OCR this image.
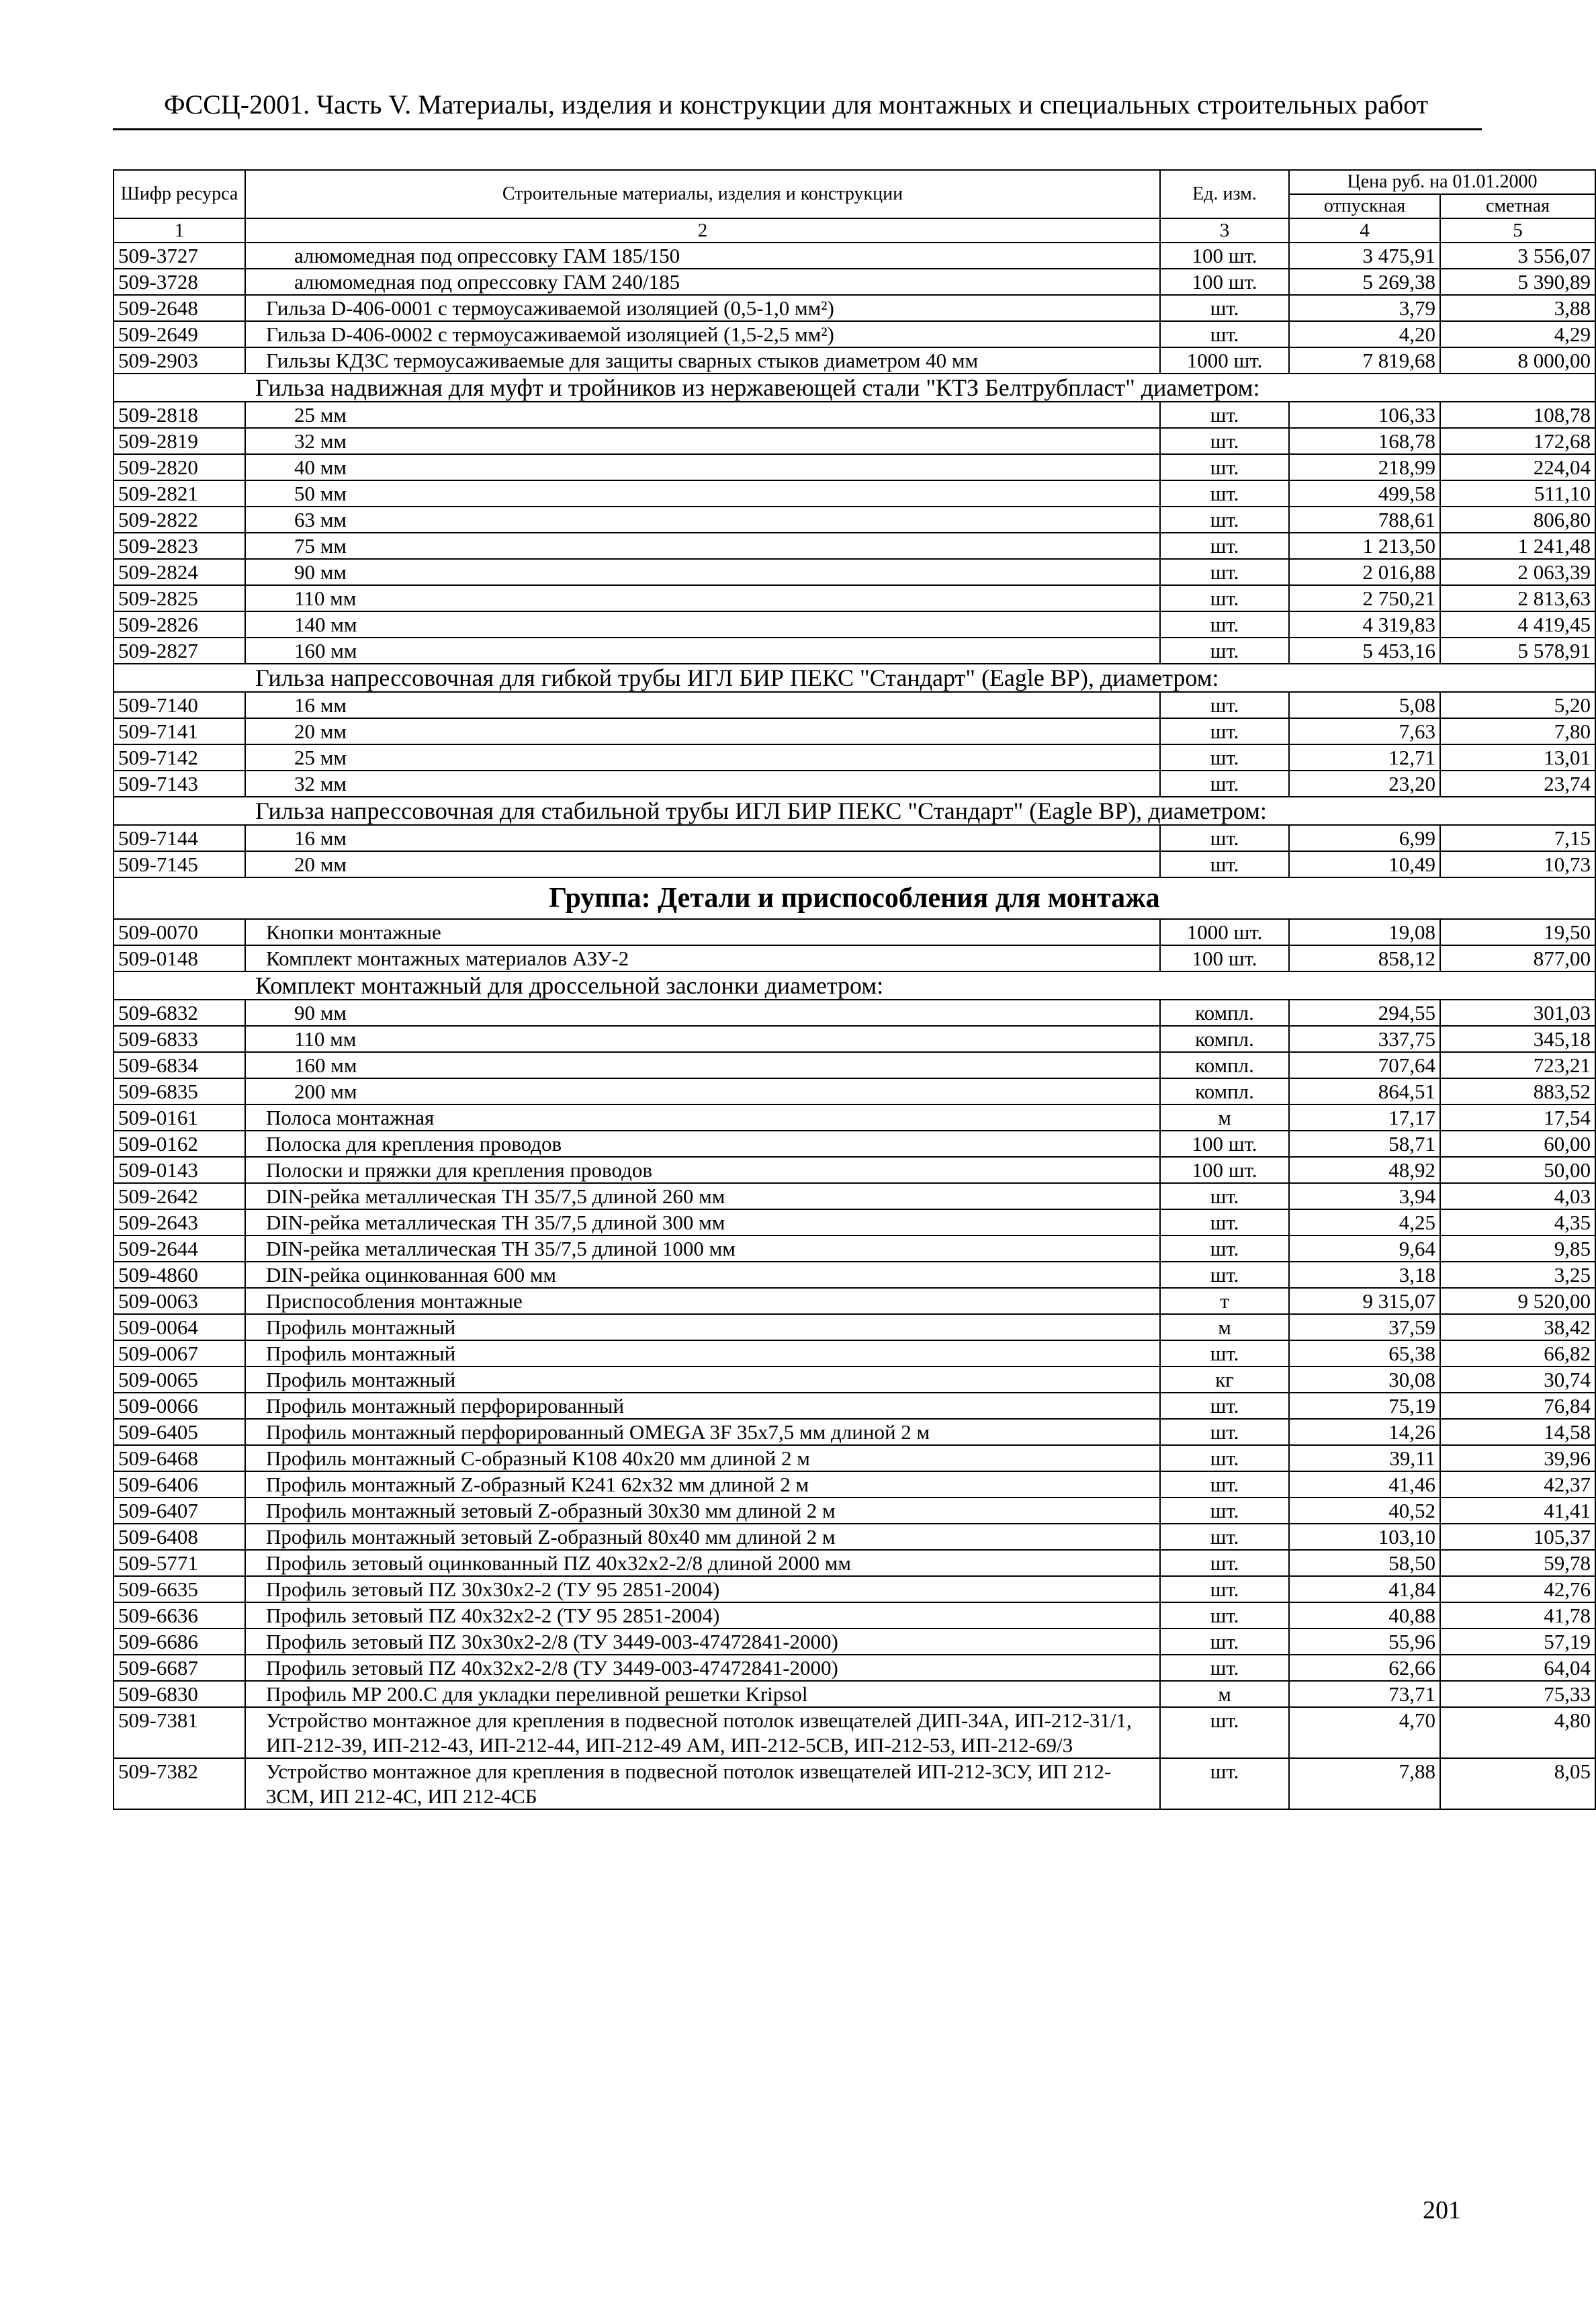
ФССЦ-2001. Часть V. Материалы, изделия и конструкции для монтажных и специальных строительных работ
Шифр ресурса	Строительные материалы, изделия и конструкции	Ед. изм.	Цена руб. на 01.01.2000	
			отпускная	сметная
1	2	3	4	5
509-3727	алюмомедная под опрессовку ГАМ 185/150	100 шт.	3 475,91	3 556,07
509-3728	алюмомедная под опрессовку ГАМ 240/185	100 шт.	5 269,38	5 390,89
509-2648	Гильза D-406-0001 с термоусаживаемой изоляцией (0,5-1,0 мм²)	шт.	3,79	3,88
509-2649	Гильза D-406-0002 с термоусаживаемой изоляцией (1,5-2,5 мм²)	шт.	4,20	4,29
509-2903	Гильзы КДЗС термоусаживаемые для защиты сварных стыков диаметром 40 мм	1000 шт.	7 819,68	8 000,00
Гильза надвижная для муфт и тройников из нержавеющей стали "КТЗ Белтрубпласт" диаметром:				
509-2818	25 мм	шт.	106,33	108,78
509-2819	32 мм	шт.	168,78	172,68
509-2820	40 мм	шт.	218,99	224,04
509-2821	50 мм	шт.	499,58	511,10
509-2822	63 мм	шт.	788,61	806,80
509-2823	75 мм	шт.	1 213,50	1 241,48
509-2824	90 мм	шт.	2 016,88	2 063,39
509-2825	110 мм	шт.	2 750,21	2 813,63
509-2826	140 мм	шт.	4 319,83	4 419,45
509-2827	160 мм	шт.	5 453,16	5 578,91
Гильза напрессовочная для гибкой трубы ИГЛ БИР ПЕКС "Стандарт" (Eagle BP), диаметром:				
509-7140	16 мм	шт.	5,08	5,20
509-7141	20 мм	шт.	7,63	7,80
509-7142	25 мм	шт.	12,71	13,01
509-7143	32 мм	шт.	23,20	23,74
Гильза напрессовочная для стабильной трубы ИГЛ БИР ПЕКС "Стандарт" (Eagle BP), диаметром:				
509-7144	16 мм	шт.	6,99	7,15
509-7145	20 мм	шт.	10,49	10,73
Группа: Детали и приспособления для монтажа				
509-0070	Кнопки монтажные	1000 шт.	19,08	19,50
509-0148	Комплект монтажных материалов АЗУ-2	100 шт.	858,12	877,00
Комплект монтажный для дроссельной заслонки диаметром:				
509-6832	90 мм	компл.	294,55	301,03
509-6833	110 мм	компл.	337,75	345,18
509-6834	160 мм	компл.	707,64	723,21
509-6835	200 мм	компл.	864,51	883,52
509-0161	Полоса монтажная	м	17,17	17,54
509-0162	Полоска для крепления проводов	100 шт.	58,71	60,00
509-0143	Полоски и пряжки для крепления проводов	100 шт.	48,92	50,00
509-2642	DIN-рейка металлическая ТН 35/7,5 длиной 260 мм	шт.	3,94	4,03
509-2643	DIN-рейка металлическая ТН 35/7,5 длиной 300 мм	шт.	4,25	4,35
509-2644	DIN-рейка металлическая ТН 35/7,5 длиной 1000 мм	шт.	9,64	9,85
509-4860	DIN-рейка оцинкованная 600 мм	шт.	3,18	3,25
509-0063	Приспособления монтажные	т	9 315,07	9 520,00
509-0064	Профиль монтажный	м	37,59	38,42
509-0067	Профиль монтажный	шт.	65,38	66,82
509-0065	Профиль монтажный	кг	30,08	30,74
509-0066	Профиль монтажный перфорированный	шт.	75,19	76,84
509-6405	Профиль монтажный перфорированный OMEGA 3F 35х7,5 мм длиной 2 м	шт.	14,26	14,58
509-6468	Профиль монтажный С-образный К108 40х20 мм длиной 2 м	шт.	39,11	39,96
509-6406	Профиль монтажный Z-образный К241 62х32 мм длиной 2 м	шт.	41,46	42,37
509-6407	Профиль монтажный зетовый Z-образный 30х30 мм длиной 2 м	шт.	40,52	41,41
509-6408	Профиль монтажный зетовый Z-образный 80х40 мм длиной 2 м	шт.	103,10	105,37
509-5771	Профиль зетовый оцинкованный ПZ 40х32х2-2/8 длиной 2000 мм	шт.	58,50	59,78
509-6635	Профиль зетовый ПZ 30х30х2-2 (ТУ 95 2851-2004)	шт.	41,84	42,76
509-6636	Профиль зетовый ПZ 40х32х2-2 (ТУ 95 2851-2004)	шт.	40,88	41,78
509-6686	Профиль зетовый ПZ 30х30х2-2/8 (ТУ 3449-003-47472841-2000)	шт.	55,96	57,19
509-6687	Профиль зетовый ПZ 40х32х2-2/8 (ТУ 3449-003-47472841-2000)	шт.	62,66	64,04
509-6830	Профиль МР 200.С для укладки переливной решетки Kripsol	м	73,71	75,33
509-7381	Устройство монтажное для крепления в подвесной потолок извещателей ДИП-34А, ИП-212-31/1, ИП-212-39, ИП-212-43, ИП-212-44, ИП-212-49 АМ, ИП-212-5СВ, ИП-212-53, ИП-212-69/3	шт.	4,70	4,80
509-7382	Устройство монтажное для крепления в подвесной потолок извещателей ИП-212-3СУ, ИП 212-3СМ, ИП 212-4С, ИП 212-4СБ	шт.	7,88	8,05
201
